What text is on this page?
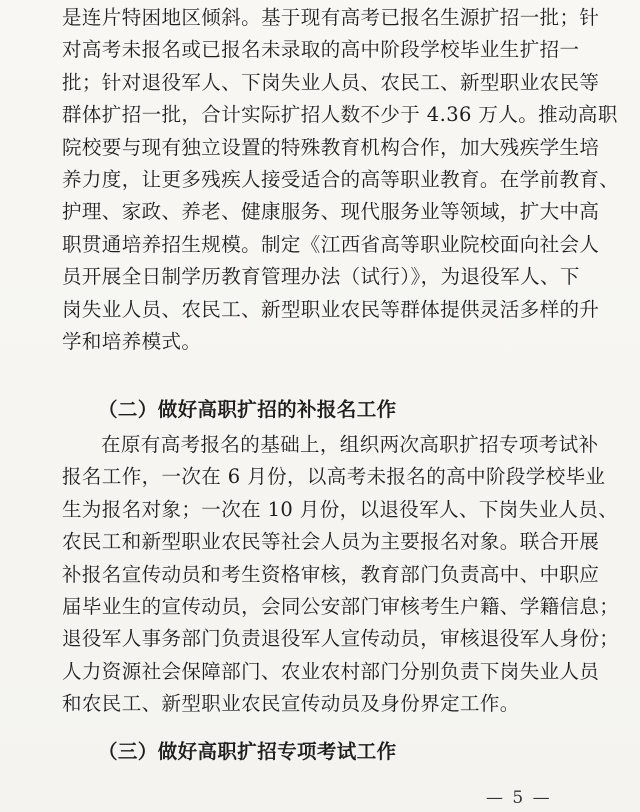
是连片特困地区倾斜。基于现有高考已报名生源扩招一批；针
对高考未报名或已报名未录取的高中阶段学校毕业生扩招一
批；针对退役军人、下岗失业人员、农民工、新型职业农民等
群体扩招一批，合计实际扩招人数不少于 4.36 万人。推动高职
院校要与现有独立设置的特殊教育机构合作，加大残疾学生培
养力度，让更多残疾人接受适合的高等职业教育。在学前教育、
护理、家政、养老、健康服务、现代服务业等领域，扩大中高
职贯通培养招生规模。制定《江西省高等职业院校面向社会人
员开展全日制学历教育管理办法（试行）》，为退役军人、下
岗失业人员、农民工、新型职业农民等群体提供灵活多样的升
学和培养模式。
（二）做好高职扩招的补报名工作
在原有高考报名的基础上，组织两次高职扩招专项考试补
报名工作，一次在 6 月份，以高考未报名的高中阶段学校毕业
生为报名对象；一次在 10 月份，以退役军人、下岗失业人员、
农民工和新型职业农民等社会人员为主要报名对象。联合开展
补报名宣传动员和考生资格审核，教育部门负责高中、中职应
届毕业生的宣传动员，会同公安部门审核考生户籍、学籍信息；
退役军人事务部门负责退役军人宣传动员，审核退役军人身份；
人力资源社会保障部门、农业农村部门分别负责下岗失业人员
和农民工、新型职业农民宣传动员及身份界定工作。
（三）做好高职扩招专项考试工作
— 5 —
